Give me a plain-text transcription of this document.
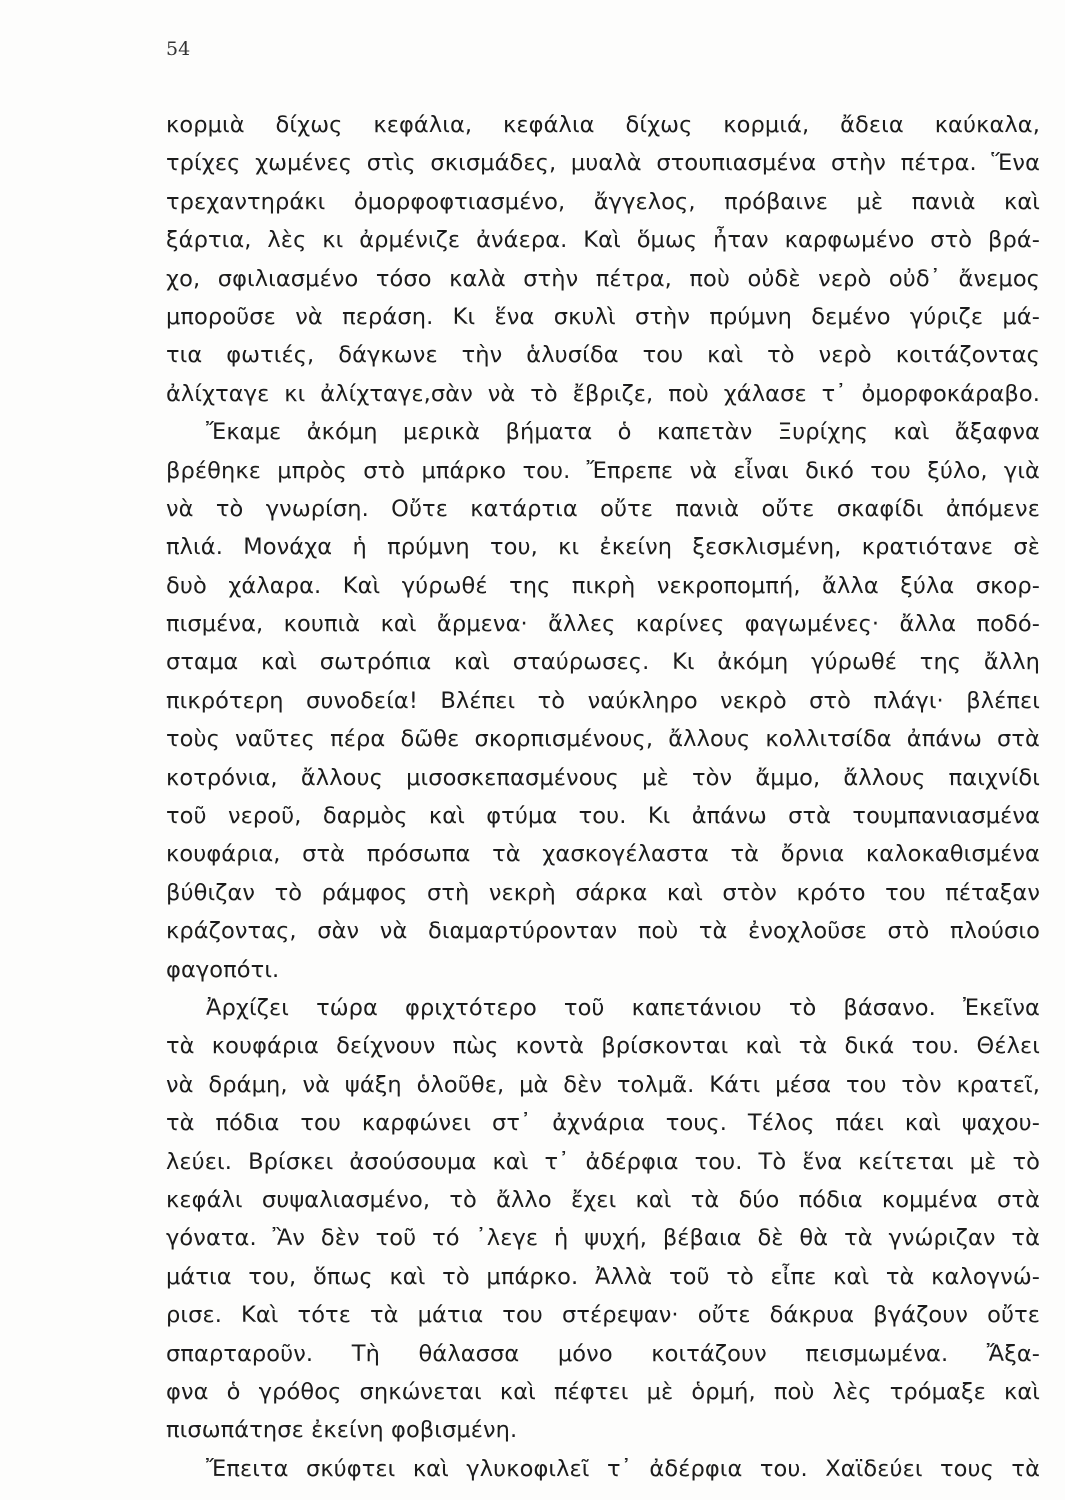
54
κορμιὰ δίχως κεφάλια, κεφάλια δίχως κορμιά, ἄδεια καύκαλα,
τρίχες χωμένες στὶς σκισμάδες, μυαλὰ στουπιασμένα στὴν πέτρα. Ἕνα
τρεχαντηράκι ὀμορφοφτιασμένο, ἄγγελος, πρόβαινε μὲ πανιὰ καὶ
ξάρτια, λὲς κι ἀρμένιζε ἀνάερα. Καὶ ὅμως ἦταν καρφωμένο στὸ βρά-
χο, σφιλιασμένο τόσο καλὰ στὴν πέτρα, ποὺ οὐδὲ νερὸ οὐδ᾽ ἄνεμος
μποροῦσε νὰ περάση. Κι ἕνα σκυλὶ στὴν πρύμνη δεμένο γύριζε μά-
τια φωτιές, δάγκωνε τὴν ἁλυσίδα του καὶ τὸ νερὸ κοιτάζοντας
ἀλίχταγε κι ἀλίχταγε,σὰν νὰ τὸ ἔβριζε, ποὺ χάλασε τ᾽ ὀμορφοκάραβο.
Ἔκαμε ἀκόμη μερικὰ βήματα ὁ καπετὰν Ξυρίχης καὶ ἄξαφνα
βρέθηκε μπρὸς στὸ μπάρκο του. Ἔπρεπε νὰ εἶναι δικό του ξύλο, γιὰ
νὰ τὸ γνωρίση. Οὔτε κατάρτια οὔτε πανιὰ οὔτε σκαφίδι ἀπόμενε
πλιά. Μονάχα ἡ πρύμνη του, κι ἐκείνη ξεσκλισμένη, κρατιότανε σὲ
δυὸ χάλαρα. Καὶ γύρωθέ της πικρὴ νεκροπομπή, ἄλλα ξύλα σκορ-
πισμένα, κουπιὰ καὶ ἄρμενα· ἄλλες καρίνες φαγωμένες· ἄλλα ποδό-
σταμα καὶ σωτρόπια καὶ σταύρωσες. Κι ἀκόμη γύρωθέ της ἄλλη
πικρότερη συνοδεία! Βλέπει τὸ ναύκληρο νεκρὸ στὸ πλάγι· βλέπει
τοὺς ναῦτες πέρα δῶθε σκορπισμένους, ἄλλους κολλιτσίδα ἀπάνω στὰ
κοτρόνια, ἄλλους μισοσκεπασμένους μὲ τὸν ἄμμο, ἄλλους παιχνίδι
τοῦ νεροῦ, δαρμὸς καὶ φτύμα του. Κι ἀπάνω στὰ τουμπανιασμένα
κουφάρια, στὰ πρόσωπα τὰ χασκογέλαστα τὰ ὄρνια καλοκαθισμένα
βύθιζαν τὸ ράμφος στὴ νεκρὴ σάρκα καὶ στὸν κρότο του πέταξαν
κράζοντας, σὰν νὰ διαμαρτύρονταν ποὺ τὰ ἐνοχλοῦσε στὸ πλούσιο
φαγοπότι.
Ἀρχίζει τώρα φριχτότερο τοῦ καπετάνιου τὸ βάσανο. Ἐκεῖνα
τὰ κουφάρια δείχνουν πὼς κοντὰ βρίσκονται καὶ τὰ δικά του. Θέλει
νὰ δράμη, νὰ ψάξη ὁλοῦθε, μὰ δὲν τολμᾶ. Κάτι μέσα του τὸν κρατεῖ,
τὰ πόδια του καρφώνει στ᾽ ἀχνάρια τους. Τέλος πάει καὶ ψαχου-
λεύει. Βρίσκει ἀσούσουμα καὶ τ᾽ ἀδέρφια του. Τὸ ἕνα κείτεται μὲ τὸ
κεφάλι συψαλιασμένο, τὸ ἄλλο ἔχει καὶ τὰ δύο πόδια κομμένα στὰ
γόνατα. Ἂν δὲν τοῦ τό ᾽λεγε ἡ ψυχή, βέβαια δὲ θὰ τὰ γνώριζαν τὰ
μάτια του, ὅπως καὶ τὸ μπάρκο. Ἀλλὰ τοῦ τὸ εἶπε καὶ τὰ καλογνώ-
ρισε. Καὶ τότε τὰ μάτια του στέρεψαν· οὔτε δάκρυα βγάζουν οὔτε
σπαρταροῦν. Τὴ θάλασσα μόνο κοιτάζουν πεισμωμένα. Ἄξα-
φνα ὁ γρόθος σηκώνεται καὶ πέφτει μὲ ὁρμή, ποὺ λὲς τρόμαξε καὶ
πισωπάτησε ἐκείνη φοβισμένη.
Ἔπειτα σκύφτει καὶ γλυκοφιλεῖ τ᾽ ἀδέρφια του. Χαϊδεύει τους τὰ
